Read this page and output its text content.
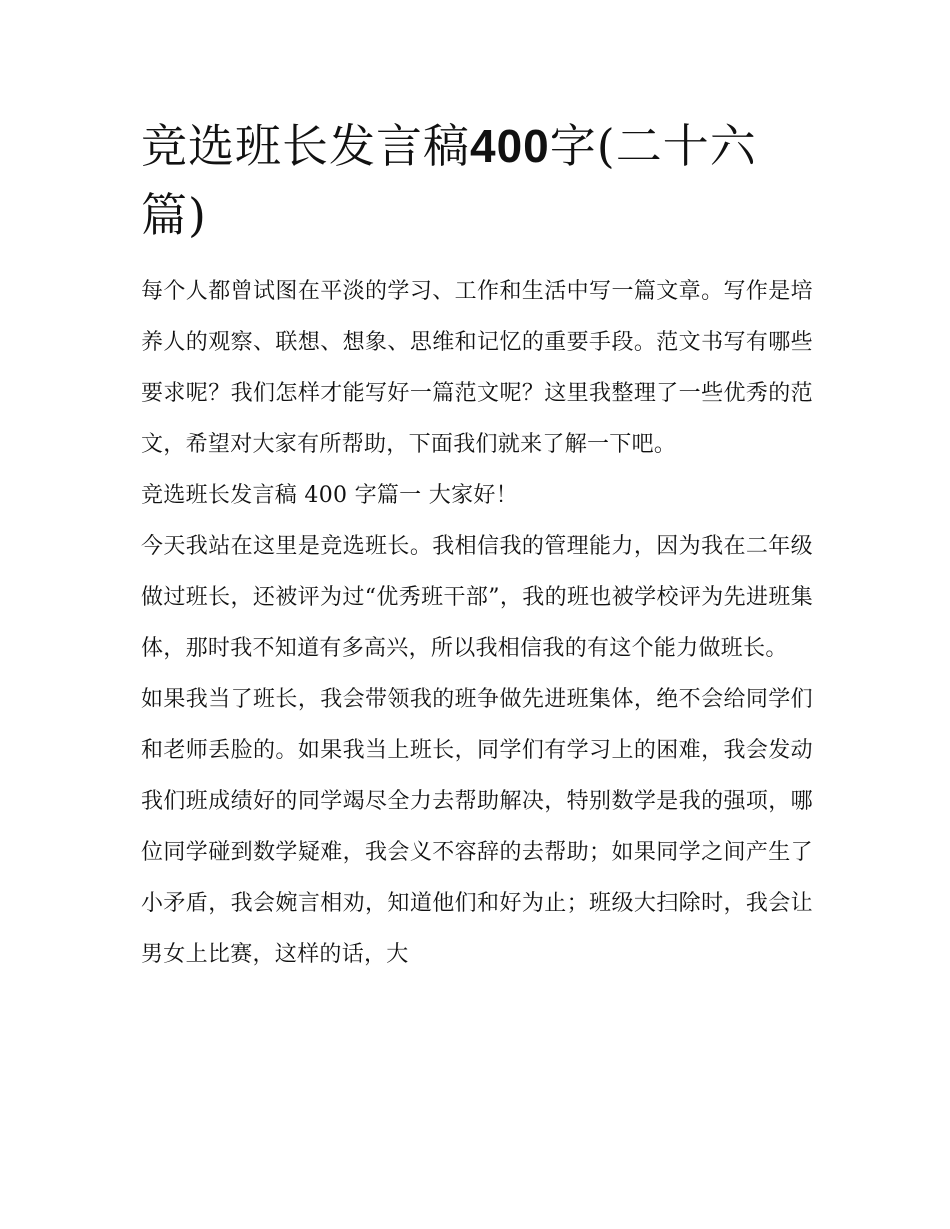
竞选班长发言稿400字(二十六篇)

每个人都曾试图在平淡的学习、工作和生活中写一篇文章。写作是培养人的观察、联想、想象、思维和记忆的重要手段。范文书写有哪些要求呢？我们怎样才能写好一篇范文呢？这里我整理了一些优秀的范文，希望对大家有所帮助，下面我们就来了解一下吧。

竞选班长发言稿 400 字篇一 大家好！

今天我站在这里是竞选班长。我相信我的管理能力，因为我在二年级做过班长，还被评为过“优秀班干部”，我的班也被学校评为先进班集体，那时我不知道有多高兴，所以我相信我的有这个能力做班长。

如果我当了班长，我会带领我的班争做先进班集体，绝不会给同学们和老师丢脸的。如果我当上班长，同学们有学习上的困难，我会发动我们班成绩好的同学竭尽全力去帮助解决，特别数学是我的强项，哪位同学碰到数学疑难，我会义不容辞的去帮助；如果同学之间产生了小矛盾，我会婉言相劝，知道他们和好为止；班级大扫除时，我会让男女上比赛，这样的话，大
